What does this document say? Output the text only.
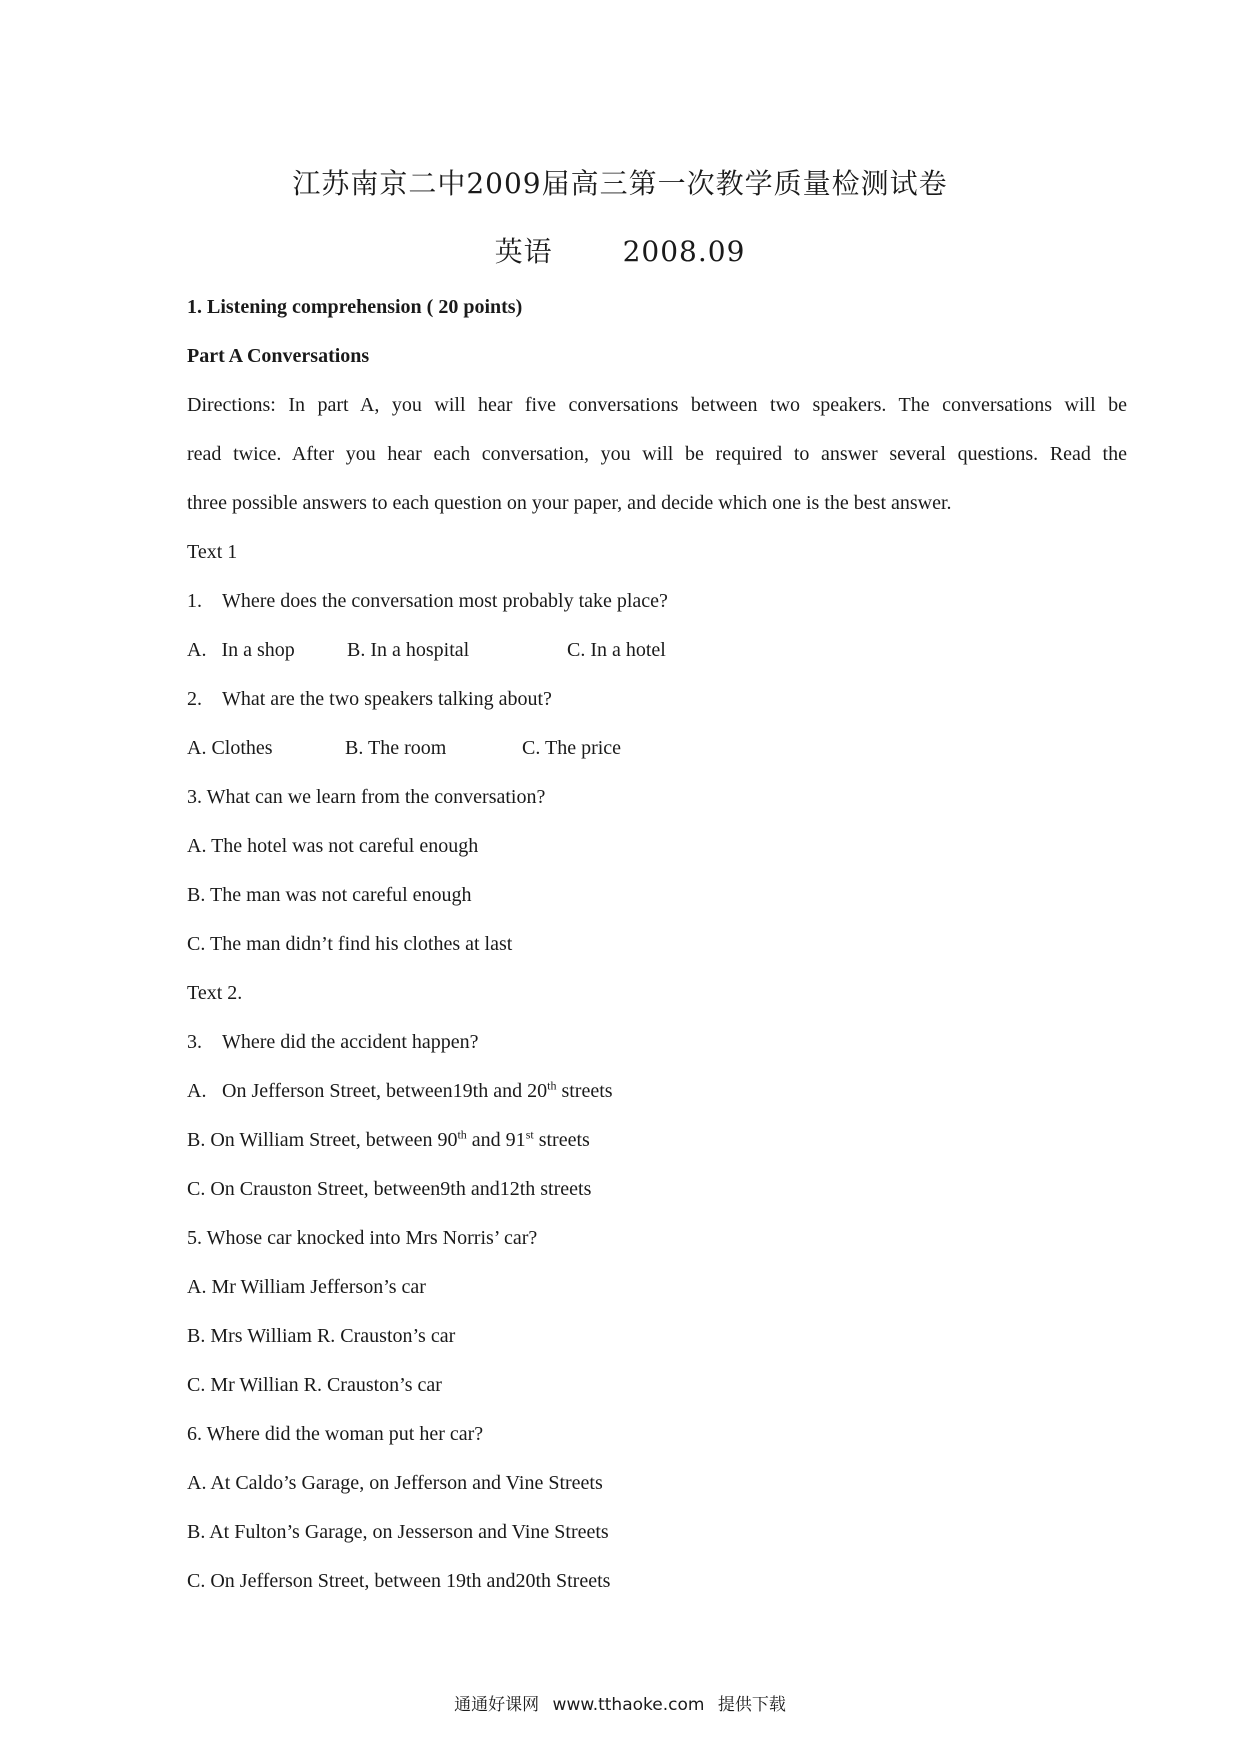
江苏南京二中2009届高三第一次教学质量检测试卷
英语	2008.09
1. Listening comprehension ( 20 points)
Part A Conversations
Directions: In part A, you will hear five conversations between two speakers. The conversations will be
read twice. After you hear each conversation, you will be required to answer several questions. Read the
three possible answers to each question on your paper, and decide which one is the best answer.
Text 1
1. Where does the conversation most probably take place?
A.   In a shop	B. In a hospital	C. In a hotel
2. What are the two speakers talking about?
A. Clothes	B. The room	C. The price
3. What can we learn from the conversation?
A. The hotel was not careful enough
B. The man was not careful enough
C. The man didn’t find his clothes at last
Text 2.
3. Where did the accident happen?
A. On Jefferson Street, between19th and 20th streets
B. On William Street, between 90th and 91st streets
C. On Crauston Street, between9th and12th streets
5. Whose car knocked into Mrs Norris’ car?
A. Mr William Jefferson’s car
B. Mrs William R. Crauston’s car
C. Mr Willian R. Crauston’s car
6. Where did the woman put her car?
A. At Caldo’s Garage, on Jefferson and Vine Streets
B. At Fulton’s Garage, on Jesserson and Vine Streets
C. On Jefferson Street, between 19th and20th Streets
通通好课网 www.tthaoke.com 提供下载
